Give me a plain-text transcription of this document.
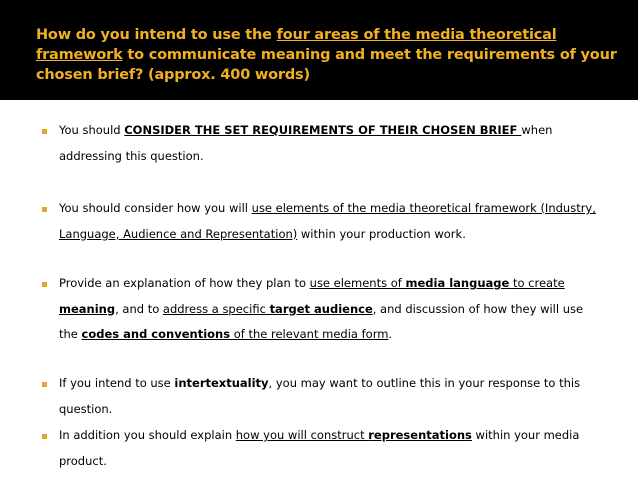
How do you intend to use the four areas of the media theoretical framework to communicate meaning and meet the requirements of your chosen brief? (approx. 400 words)
You should CONSIDER THE SET REQUIREMENTS OF THEIR CHOSEN BRIEF when addressing this question.
You should consider how you will use elements of the media theoretical framework (Industry, Language, Audience and Representation) within your production work.
Provide an explanation of how they plan to use elements of media language to create meaning, and to address a specific target audience, and discussion of how they will use the codes and conventions of the relevant media form.
If you intend to use intertextuality, you may want to outline this in your response to this question.
In addition you should explain how you will construct representations within your media product.
